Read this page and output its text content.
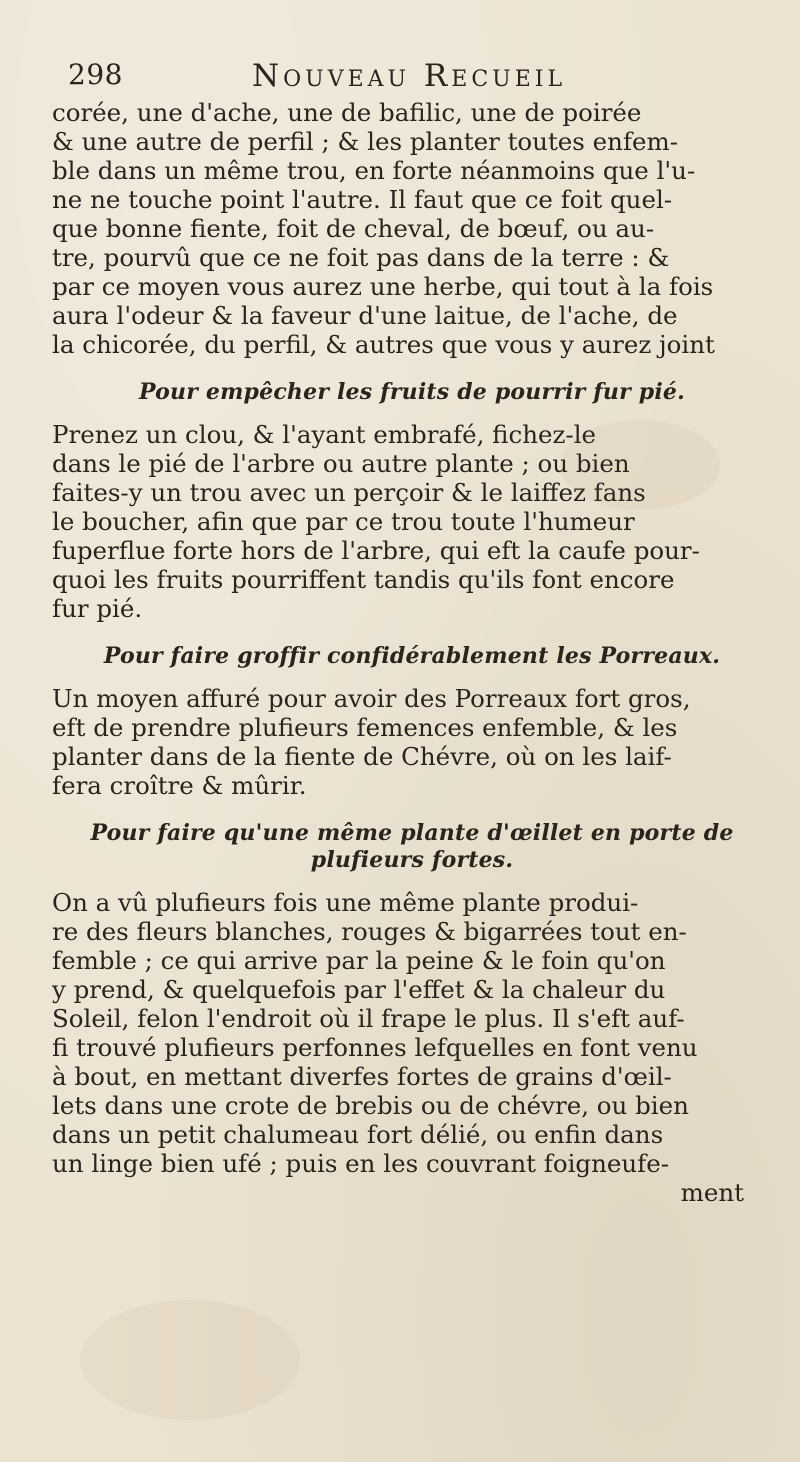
298	Nouveau Recueil

corée, une d'ache, une de bafilic, une de poirée
& une autre de perfil ; & les planter toutes enfem-
ble dans un même trou, en forte néanmoins que l'u-
ne ne touche point l'autre. Il faut que ce foit quel-
que bonne fiente, foit de cheval, de bœuf, ou au-
tre, pourvû que ce ne foit pas dans de la terre : &
par ce moyen vous aurez une herbe, qui tout à la fois
aura l'odeur & la faveur d'une laitue, de l'ache, de
la chicorée, du perfil, & autres que vous y aurez joint

Pour empêcher les fruits de pourrir fur pié.

Prenez un clou, & l'ayant embrafé, fichez-le
dans le pié de l'arbre ou autre plante ; ou bien
faites-y un trou avec un perçoir & le laiffez fans
le boucher, afin que par ce trou toute l'humeur
fuperflue forte hors de l'arbre, qui eft la caufe pour-
quoi les fruits pourriffent tandis qu'ils font encore
fur pié.

Pour faire groffir confidérablement les Porreaux.

Un moyen affuré pour avoir des Porreaux fort gros,
eft de prendre plufieurs femences enfemble, & les
planter dans de la fiente de Chévre, où on les laif-
fera croître & mûrir.

Pour faire qu'une même plante d'œillet en porte de
plufieurs fortes.

On a vû plufieurs fois une même plante produi-
re des fleurs blanches, rouges & bigarrées tout en-
femble ; ce qui arrive par la peine & le foin qu'on
y prend, & quelquefois par l'effet & la chaleur du
Soleil, felon l'endroit où il frape le plus. Il s'eft auf-
fi trouvé plufieurs perfonnes lefquelles en font venu
à bout, en mettant diverfes fortes de grains d'œil-
lets dans une crote de brebis ou de chévre, ou bien
dans un petit chalumeau fort délié, ou enfin dans
un linge bien ufé ; puis en les couvrant foigneufe-
ment
